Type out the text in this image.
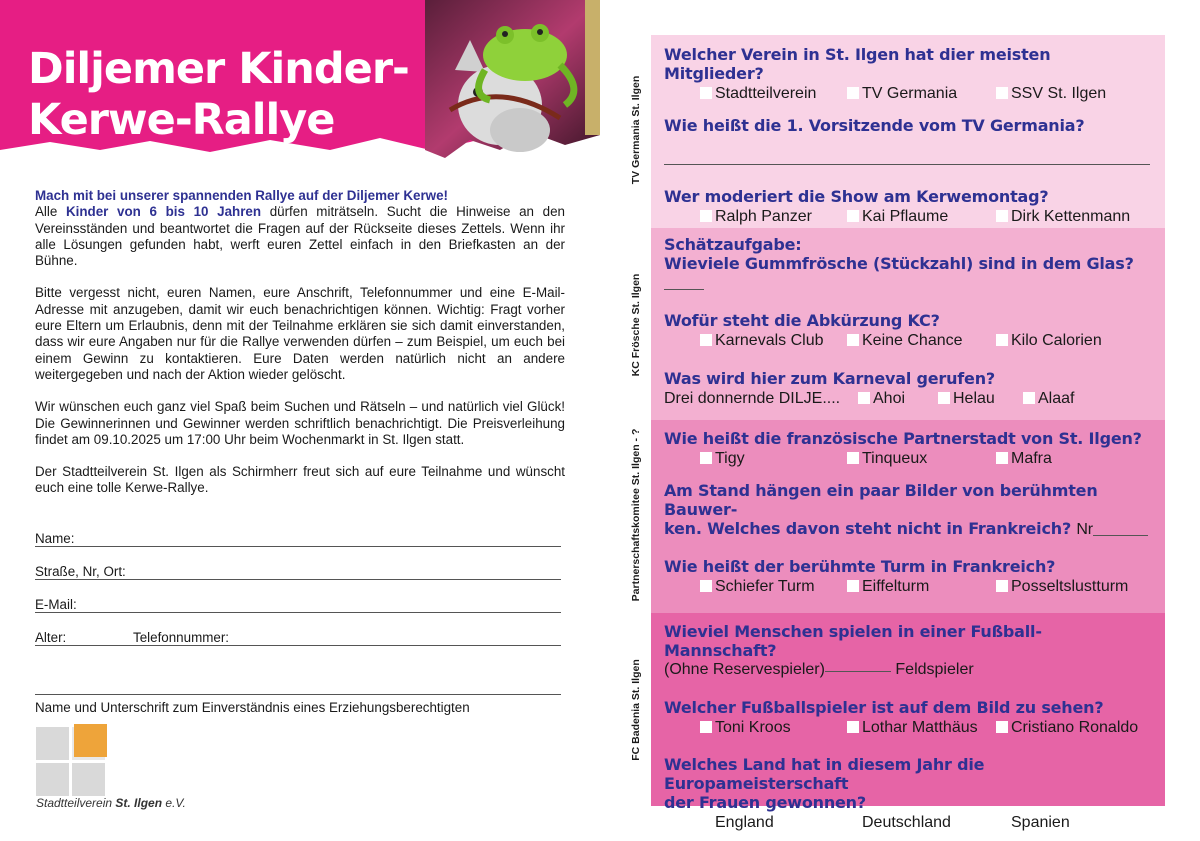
Diljemer Kinder-
Kerwe-Rallye

Mach mit bei unserer spannenden Rallye auf der Diljemer Kerwe!
Alle Kinder von 6 bis 10 Jahren dürfen miträtseln. Sucht die Hinweise an den Vereinsständen und beantwortet die Fragen auf der Rückseite dieses Zettels. Wenn ihr alle Lösungen gefunden habt, werft euren Zettel einfach in den Briefkasten an der Bühne.

Bitte vergesst nicht, euren Namen, eure Anschrift, Telefonnummer und eine E-Mail-Adresse mit anzugeben, damit wir euch benachrichtigen können. Wichtig: Fragt vorher eure Eltern um Erlaubnis, denn mit der Teilnahme erklären sie sich damit einverstanden, dass wir eure Angaben nur für die Rallye verwenden dürfen – zum Beispiel, um euch bei einem Gewinn zu kontaktieren. Eure Daten werden natürlich nicht an andere weitergegeben und nach der Aktion wieder gelöscht.

Wir wünschen euch ganz viel Spaß beim Suchen und Rätseln – und natürlich viel Glück! Die Gewinnerinnen und Gewinner werden schriftlich benachrichtigt. Die Preisverleihung findet am 09.10.2025 um 17:00 Uhr beim Wochenmarkt in St. Ilgen statt.

Der Stadtteilverein St. Ilgen als Schirmherr freut sich auf eure Teilnahme und wünscht euch eine tolle Kerwe-Rallye.

Name:
Straße, Nr, Ort:
E-Mail:
Alter:	Telefonnummer:
Name und Unterschrift zum Einverständnis eines Erziehungsberechtigten
Stadtteilverein St. Ilgen e.V.
TV Germania St. Ilgen
KC Frösche St. Ilgen
Partnerschaftskomitee St. Ilgen - ?
FC Badenia St. Ilgen
Welcher Verein in St. Ilgen hat dier meisten Mitglieder?
Stadtteilverein	TV Germania	SSV St. Ilgen
Wie heißt die 1. Vorsitzende vom TV Germania?
Wer moderiert die Show am Kerwemontag?
Ralph Panzer	Kai Pflaume	Dirk Kettenmann
Schätzaufgabe:
Wieviele Gummfrösche (Stückzahl) sind in dem Glas?
Wofür steht die Abkürzung KC?
Karnevals Club	Keine Chance	Kilo Calorien
Was wird hier zum Karneval gerufen?
Drei donnernde DILJE....	Ahoi	Helau	Alaaf
Wie heißt die französische Partnerstadt von St. Ilgen?
Tigy	Tinqueux	Mafra
Am Stand hängen ein paar Bilder von berühmten Bauwer-
ken. Welches davon steht nicht in Frankreich? Nr
Wie heißt der berühmte Turm in Frankreich?
Schiefer Turm	Eiffelturm	Posseltslustturm
Wieviel Menschen spielen in einer Fußball-Mannschaft?
(Ohne Reservespieler)	Feldspieler
Welcher Fußballspieler ist auf dem Bild zu sehen?
Toni Kroos	Lothar Matthäus	Cristiano Ronaldo
Welches Land hat in diesem Jahr die Europameisterschaft
der Frauen gewonnen?
England	Deutschland	Spanien
